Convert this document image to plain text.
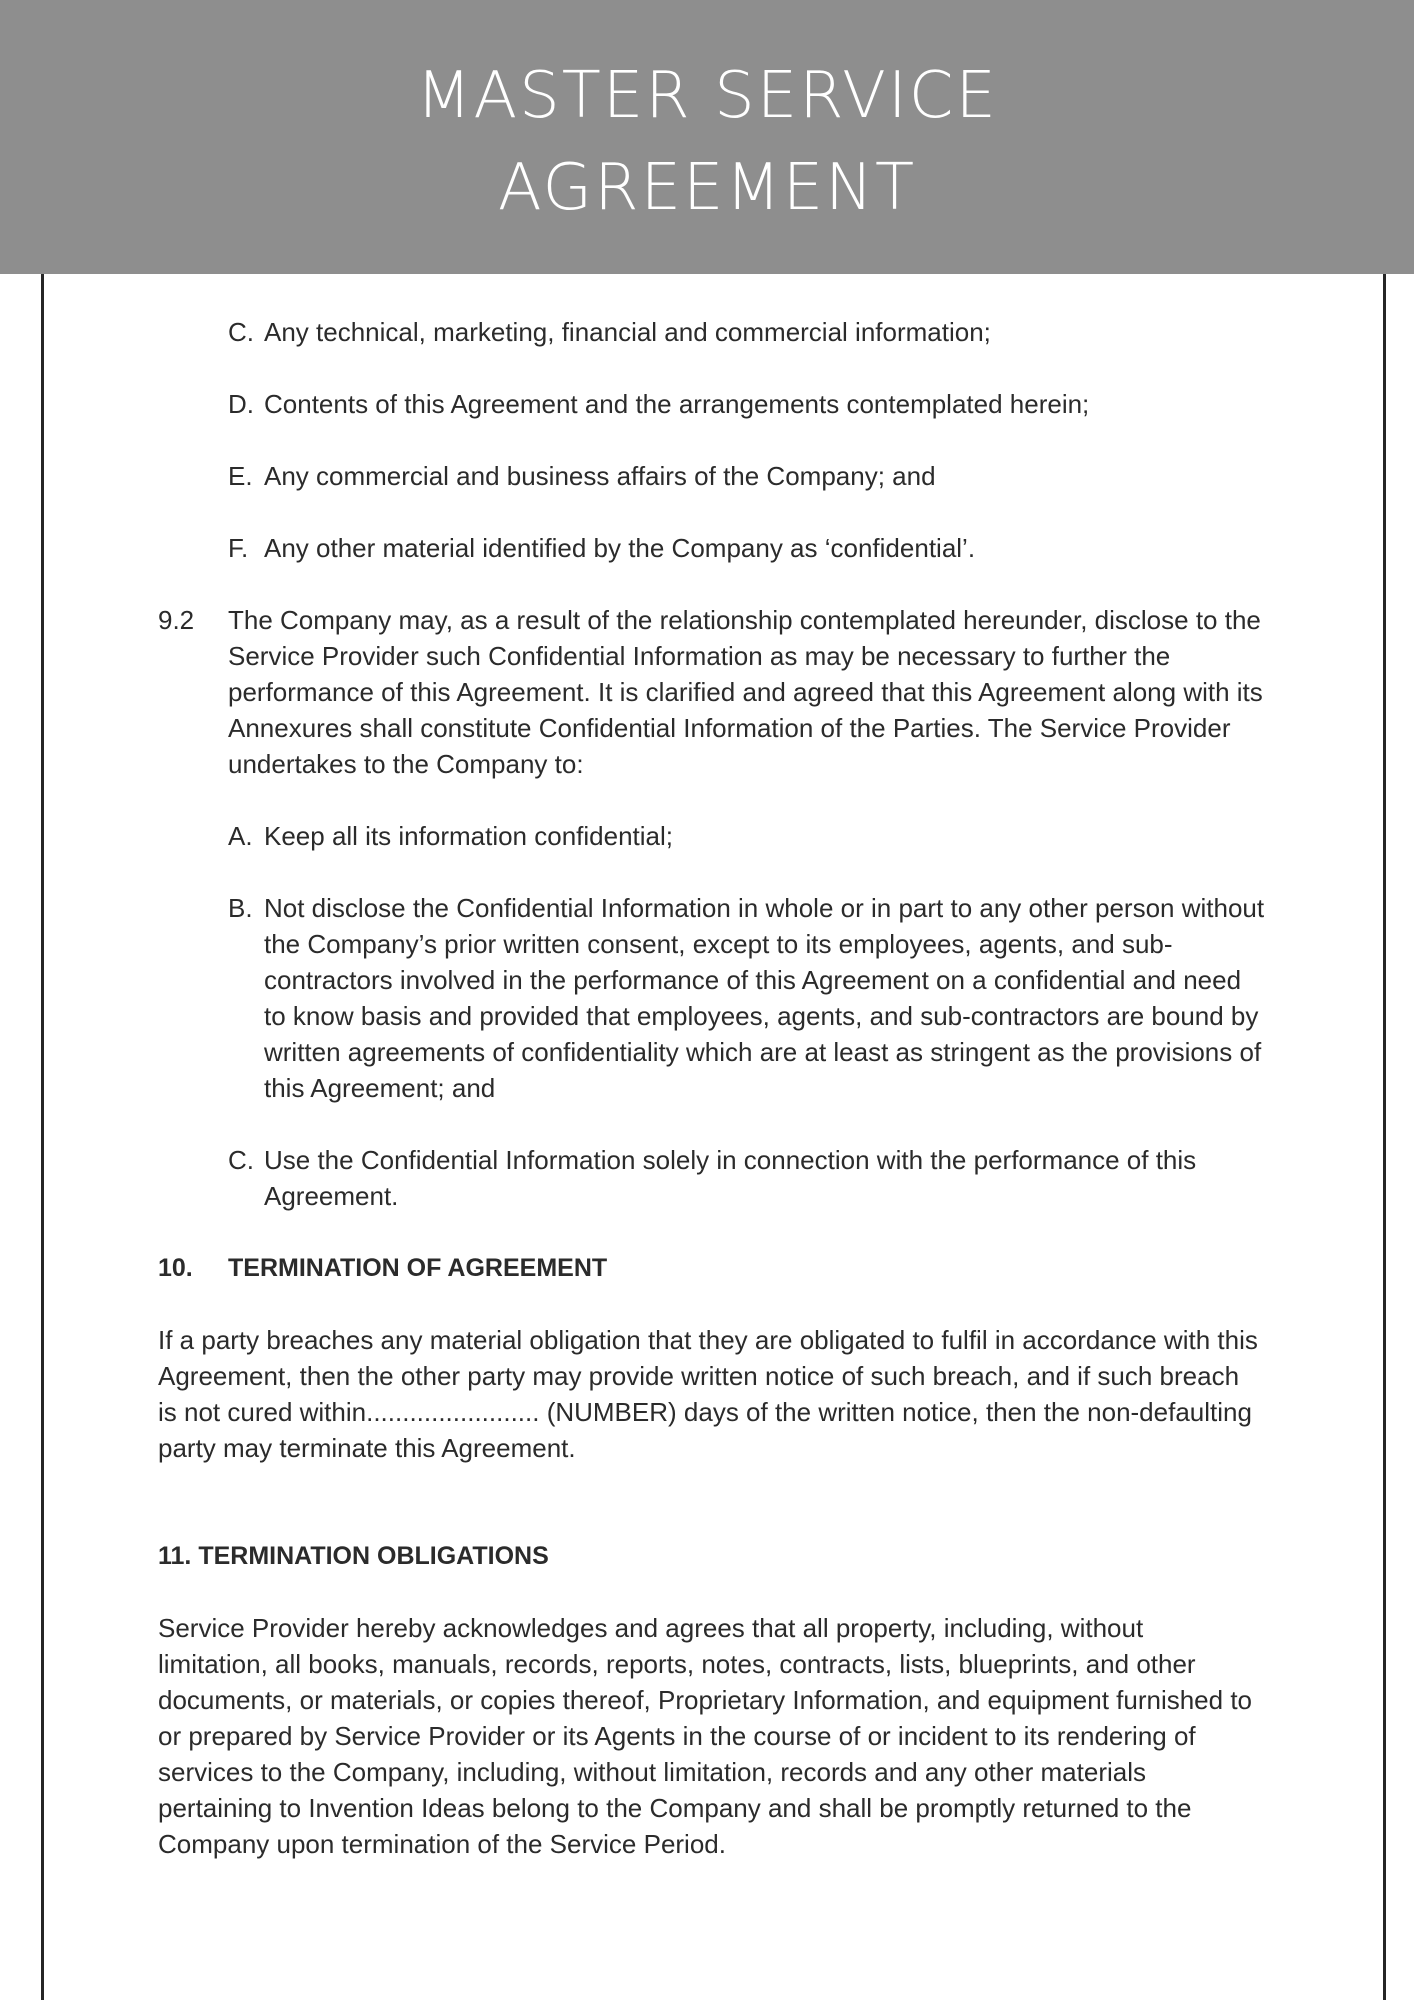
MASTER SERVICE
AGREEMENT
C. Any technical, marketing, financial and commercial information;
D. Contents of this Agreement and the arrangements contemplated herein;
E. Any commercial and business affairs of the Company; and
F. Any other material identified by the Company as ‘confidential’.
9.2	The Company may, as a result of the relationship contemplated hereunder, disclose to the Service Provider such Confidential Information as may be necessary to further the performance of this Agreement. It is clarified and agreed that this Agreement along with its Annexures shall constitute Confidential Information of the Parties. The Service Provider undertakes to the Company to:
A. Keep all its information confidential;
B. Not disclose the Confidential Information in whole or in part to any other person without the Company’s prior written consent, except to its employees, agents, and sub-contractors involved in the performance of this Agreement on a confidential and need to know basis and provided that employees, agents, and sub-contractors are bound by written agreements of confidentiality which are at least as stringent as the provisions of this Agreement; and
C. Use the Confidential Information solely in connection with the performance of this Agreement.
10. TERMINATION OF AGREEMENT
If a party breaches any material obligation that they are obligated to fulfil in accordance with this Agreement, then the other party may provide written notice of such breach, and if such breach is not cured within........................ (NUMBER) days of the written notice, then the non-defaulting party may terminate this Agreement.
11. TERMINATION OBLIGATIONS
Service Provider hereby acknowledges and agrees that all property, including, without limitation, all books, manuals, records, reports, notes, contracts, lists, blueprints, and other documents, or materials, or copies thereof, Proprietary Information, and equipment furnished to or prepared by Service Provider or its Agents in the course of or incident to its rendering of services to the Company, including, without limitation, records and any other materials pertaining to Invention Ideas belong to the Company and shall be promptly returned to the Company upon termination of the Service Period.
